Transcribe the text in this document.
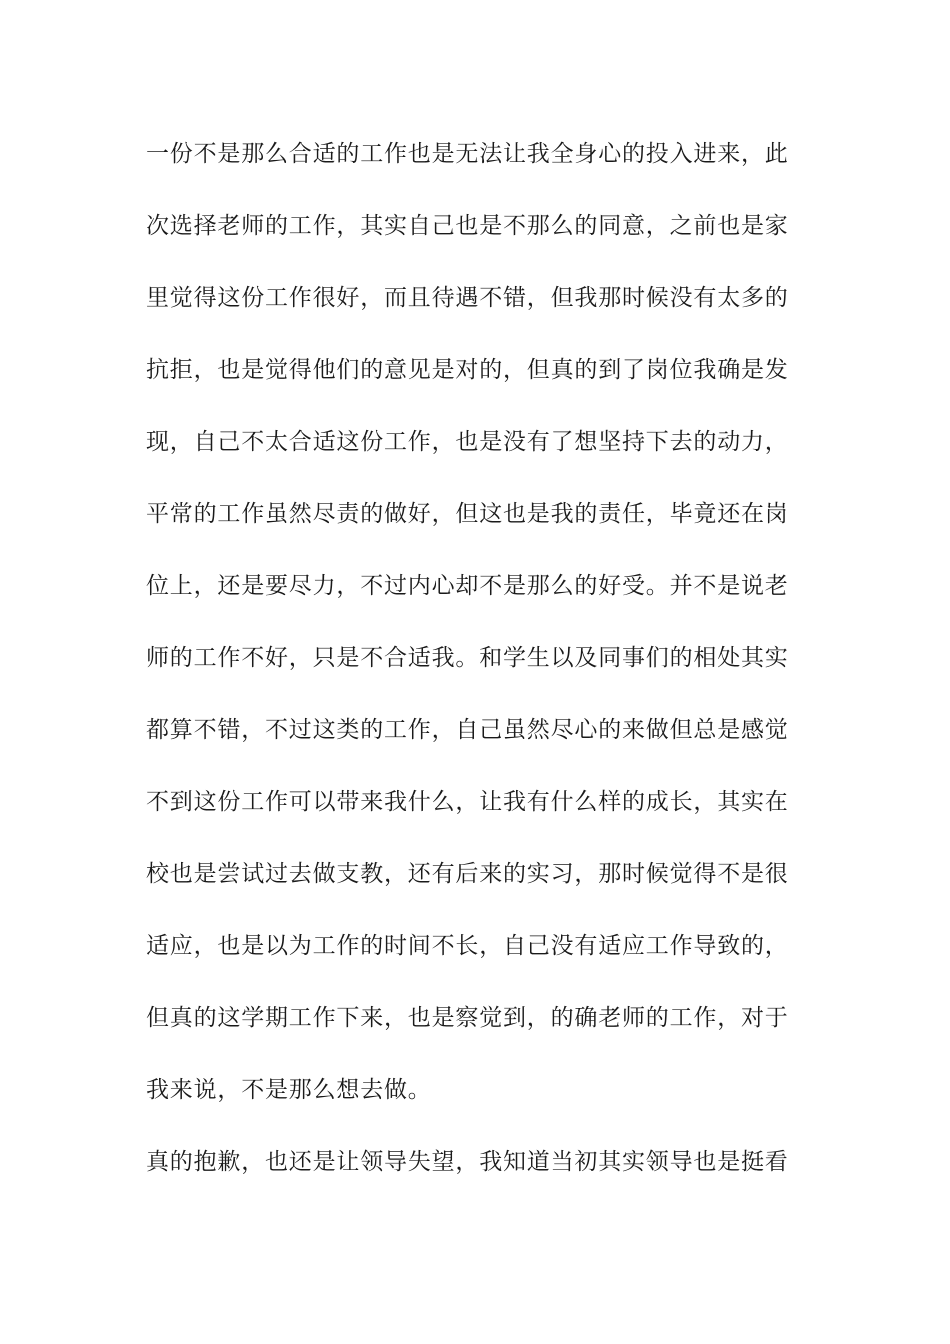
一份不是那么合适的工作也是无法让我全身心的投入进来，此
次选择老师的工作，其实自己也是不那么的同意，之前也是家
里觉得这份工作很好，而且待遇不错，但我那时候没有太多的
抗拒，也是觉得他们的意见是对的，但真的到了岗位我确是发
现，自己不太合适这份工作，也是没有了想坚持下去的动力，
平常的工作虽然尽责的做好，但这也是我的责任，毕竟还在岗
位上，还是要尽力，不过内心却不是那么的好受。并不是说老
师的工作不好，只是不合适我。和学生以及同事们的相处其实
都算不错，不过这类的工作，自己虽然尽心的来做但总是感觉
不到这份工作可以带来我什么，让我有什么样的成长，其实在
校也是尝试过去做支教，还有后来的实习，那时候觉得不是很
适应，也是以为工作的时间不长，自己没有适应工作导致的，
但真的这学期工作下来，也是察觉到，的确老师的工作，对于
我来说，不是那么想去做。
真的抱歉，也还是让领导失望，我知道当初其实领导也是挺看
